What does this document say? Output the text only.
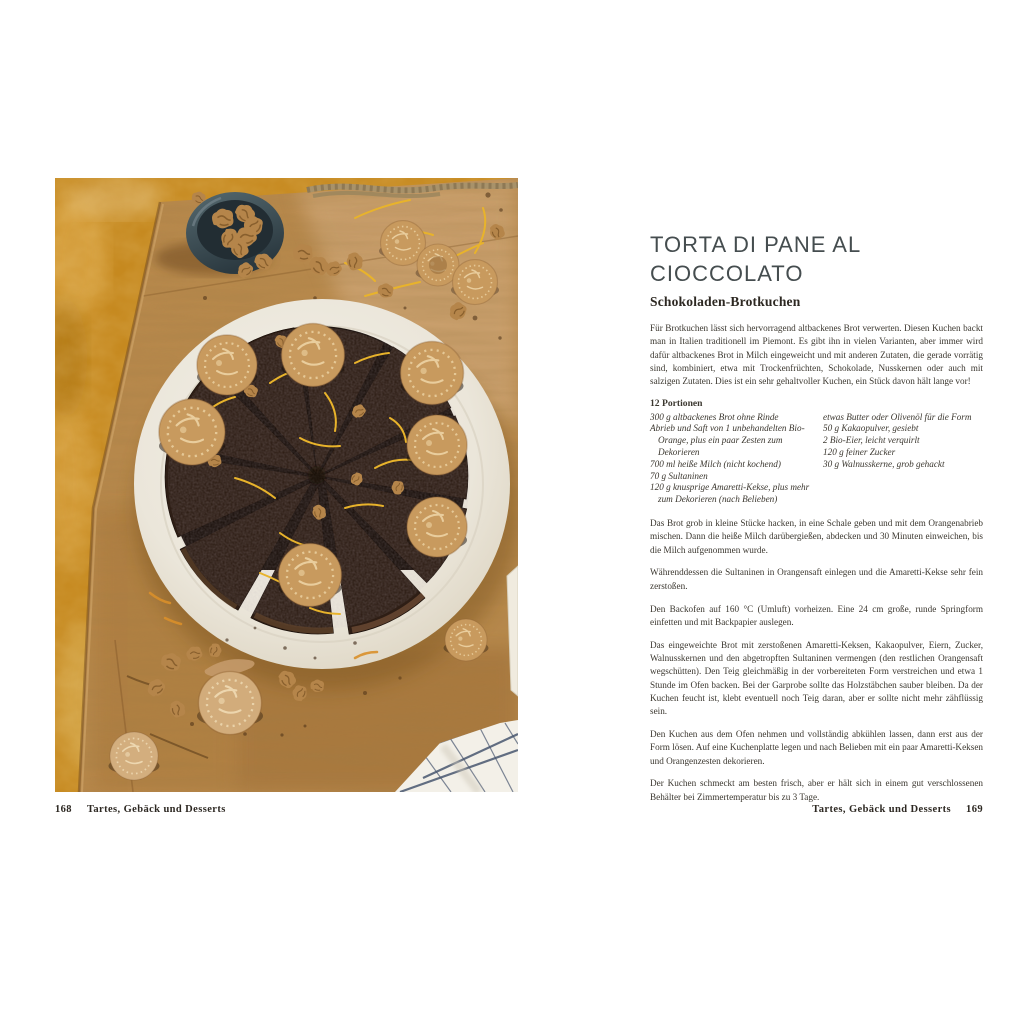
168 Tartes, Gebäck und Desserts
TORTA DI PANE AL
CIOCCOLATO
Schokoladen-Brotkuchen

Für Brotkuchen lässt sich hervorragend altbackenes Brot verwerten. Diesen Kuchen backt man in Italien traditionell im Piemont. Es gibt ihn in vielen Varianten, aber immer wird dafür altbackenes Brot in Milch eingeweicht und mit anderen Zutaten, die gerade vorrätig sind, kombiniert, etwa mit Trockenfrüchten, Schokolade, Nusskernen oder auch mit salzigen Zutaten. Dies ist ein sehr gehaltvoller Kuchen, ein Stück davon hält lange vor!

12 Portionen

300 g altbackenes Brot ohne Rinde

Abrieb und Saft von 1 unbehandelten Bio-Orange, plus ein paar Zesten zum Dekorieren

700 ml heiße Milch (nicht kochend)

70 g Sultaninen

120 g knusprige Amaretti-Kekse, plus mehr zum Dekorieren (nach Belieben)

etwas Butter oder Olivenöl für die Form

50 g Kakaopulver, gesiebt

2 Bio-Eier, leicht verquirlt

120 g feiner Zucker

30 g Walnusskerne, grob gehackt

Das Brot grob in kleine Stücke hacken, in eine Schale geben und mit dem Orangenabrieb mischen. Dann die heiße Milch darübergießen, abdecken und 30 Minuten einweichen, bis die Milch aufgenommen wurde.

Währenddessen die Sultaninen in Orangensaft einlegen und die Amaretti-Kekse sehr fein zerstoßen.

Den Backofen auf 160 °C (Umluft) vorheizen. Eine 24 cm große, runde Springform einfetten und mit Backpapier auslegen.

Das eingeweichte Brot mit zerstoßenen Amaretti-Keksen, Kakaopulver, Eiern, Zucker, Walnusskernen und den abgetropften Sultaninen vermengen (den restlichen Orangensaft wegschütten). Den Teig gleichmäßig in der vorbereiteten Form verstreichen und etwa 1 Stunde im Ofen backen. Bei der Garprobe sollte das Holzstäbchen sauber bleiben. Da der Kuchen feucht ist, klebt eventuell noch Teig daran, aber er sollte nicht mehr zähflüssig sein.

Den Kuchen aus dem Ofen nehmen und vollständig abkühlen lassen, dann erst aus der Form lösen. Auf eine Kuchenplatte legen und nach Belieben mit ein paar Amaretti-Keksen und Orangenzesten dekorieren.

Der Kuchen schmeckt am besten frisch, aber er hält sich in einem gut verschlossenen Behälter bei Zimmertemperatur bis zu 3 Tage.

Tartes, Gebäck und Desserts 169
